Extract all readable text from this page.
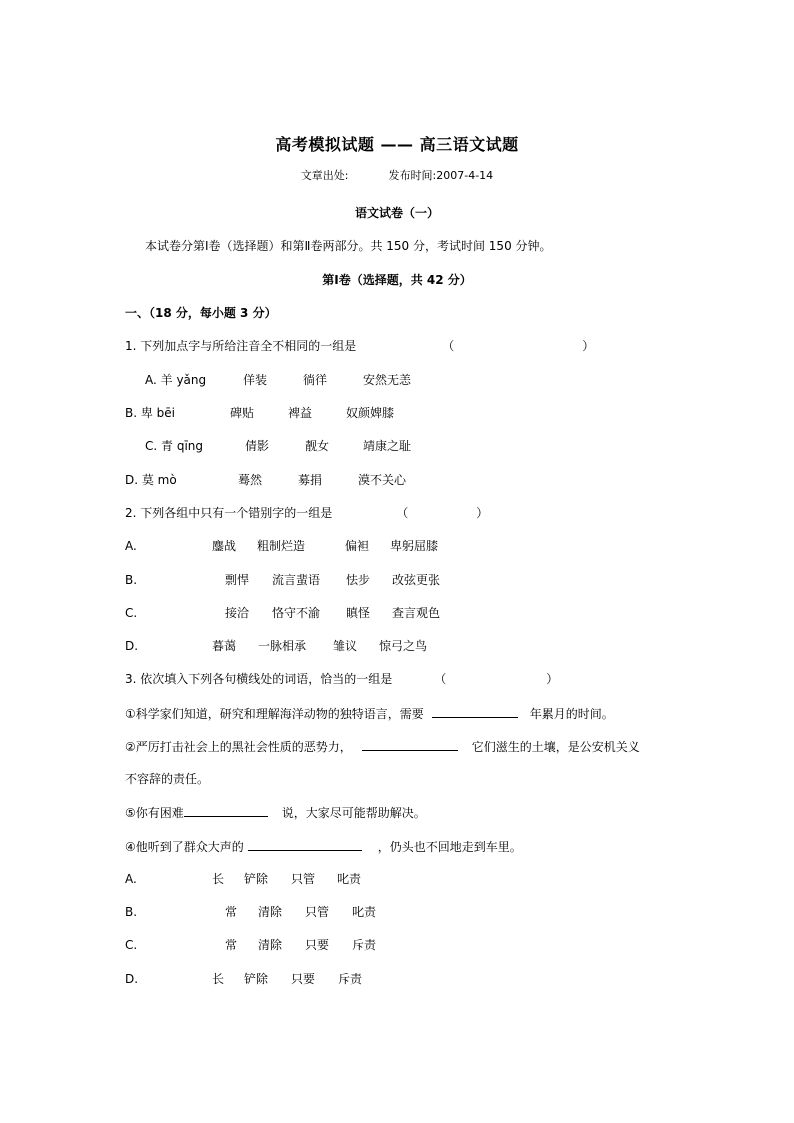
高考模拟试题 —— 高三语文试题
文章出处:	发布时间:2007-4-14
语文试卷（一）
本试卷分第Ⅰ卷（选择题）和第Ⅱ卷两部分。共 150 分，考试时间 150 分钟。
第Ⅰ卷（选择题，共 42 分）
一、（18 分，每小题 3 分）
1. 下列加点字与所给注音全不相同的一组是	（	）
A. 羊 yǎng	佯装	徜徉	安然无恙
B. 卑 bēi	碑贴	裨益	奴颜婢膝
C. 青 qīng	倩影	靓女	靖康之耻
D. 莫 mò	蓦然	募捐	漠不关心
2. 下列各组中只有一个错别字的一组是	（	）
A.	鏖战 粗制烂造	偏袒 卑躬屈膝
B.	剽悍 流言蜚语 怯步 改弦更张
C.	接洽 恪守不渝 瞋怪 查言观色
D.	暮蔼 一脉相承 雏议 惊弓之鸟
3. 依次填入下列各句横线处的词语，恰当的一组是	（	）
①科学家们知道，研究和理解海洋动物的独特语言，需要	年累月的时间。
②严厉打击社会上的黑社会性质的恶势力，	它们滋生的土壤，是公安机关义
不容辞的责任。
⑤你有困难	说，大家尽可能帮助解决。
④他听到了群众大声的	，仍头也不回地走到车里。
A.	长 铲除 只管 叱责
B.	常 清除 只管 叱责
C.	常 清除 只要 斥责
D.	长 铲除 只要 斥责
